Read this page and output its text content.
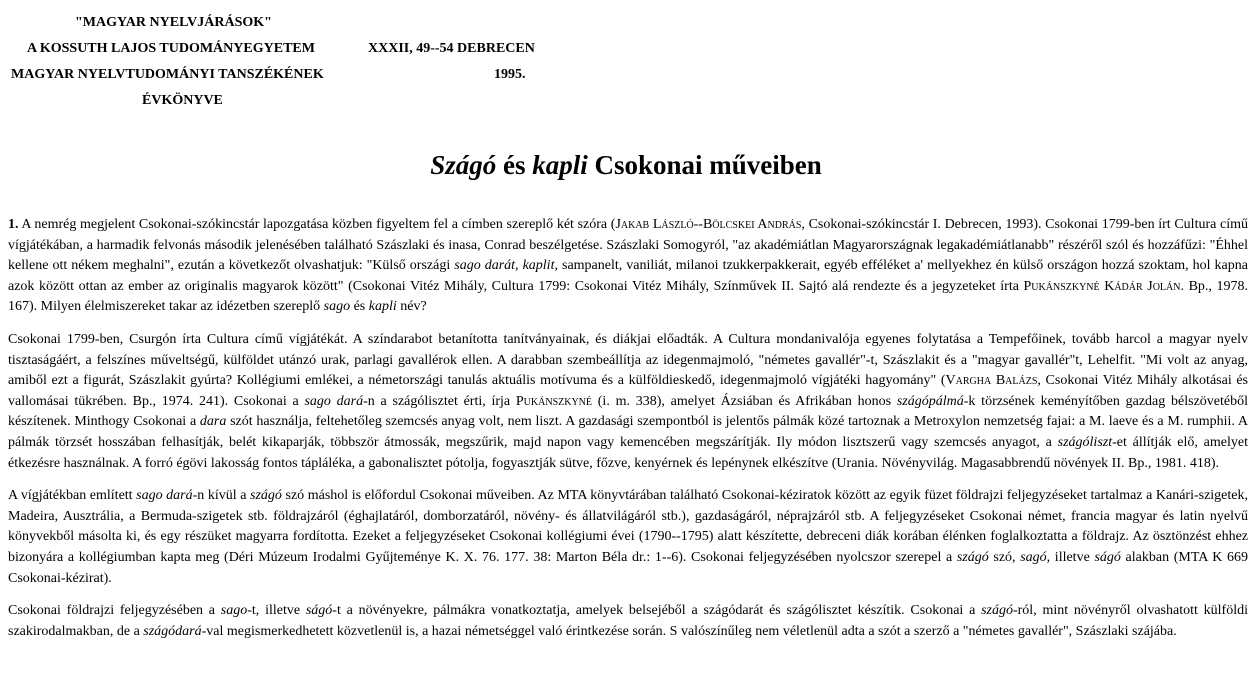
"MAGYAR NYELVJÁRÁSOK"
A KOSSUTH LAJOS TUDOMÁNYEGYETEM	XXXII, 49--54 DEBRECEN
MAGYAR NYELVTUDOMÁNYI TANSZÉKÉNEK	1995.
ÉVKÖNYVE
Szágó és kapli Csokonai műveiben

1. A nemrég megjelent Csokonai-szókincstár lapozgatása közben figyeltem fel a címben szereplő két szóra (Jakab László--Bölcskei András, Csokonai-szókincstár I. Debrecen, 1993). Csokonai 1799-ben írt Cultura című vígjátékában, a harmadik felvonás második jelenésében található Szászlaki és inasa, Conrad beszélgetése. Szászlaki Somogyról, "az akadémiátlan Magyarországnak legakadémiátlanabb" részéről szól és hozzáfűzi: "Éhhel kellene ott nékem meghalni", ezután a következőt olvashatjuk: "Külső országi sago darát, kaplit, sampanelt, vaniliát, milanoi tzukkerpakkerait, egyéb efféléket a' mellyekhez én külső országon hozzá szoktam, hol kapna azok között ottan az ember az originalis magyarok között" (Csokonai Vitéz Mihály, Cultura 1799: Csokonai Vitéz Mihály, Színművek II. Sajtó alá rendezte és a jegyzeteket írta Pukánszkyné Kádár Jolán. Bp., 1978. 167). Milyen élelmiszereket takar az idézetben szereplő sago és kapli név?

Csokonai 1799-ben, Csurgón írta Cultura című vígjátékát. A színdarabot betanította tanítványainak, és diákjai előadták. A Cultura mondanivalója egyenes folytatása a Tempefőinek, tovább harcol a magyar nyelv tisztaságáért, a felszínes műveltségű, külföldet utánzó urak, parlagi gavallérok ellen. A darabban szembeállítja az idegenmajmoló, "németes gavallér"-t, Szászlakit és a "magyar gavallér"t, Lehelfit. "Mi volt az anyag, amiből ezt a figurát, Szászlakit gyúrta? Kollégiumi emlékei, a németországi tanulás aktuális motívuma és a külföldieskedő, idegenmajmoló vígjátéki hagyomány" (Vargha Balázs, Csokonai Vitéz Mihály alkotásai és vallomásai tükrében. Bp., 1974. 241). Csokonai a sago dará-n a szágólisztet érti, írja Pukánszkyné (i. m. 338), amelyet Ázsiában és Afrikában honos szágópálmá-k törzsének keményítőben gazdag bélszövetéből készítenek. Minthogy Csokonai a dara szót használja, feltehetőleg szemcsés anyag volt, nem liszt. A gazdasági szempontból is jelentős pálmák közé tartoznak a Metroxylon nemzetség fajai: a M. laeve és a M. rumphii. A pálmák törzsét hosszában felhasítják, belét kikaparják, többször átmossák, megszűrik, majd napon vagy kemencében megszárítják. Ily módon lisztszerű vagy szemcsés anyagot, a szágóliszt-et állítják elő, amelyet étkezésre használnak. A forró égövi lakosság fontos tápláléka, a gabonalisztet pótolja, fogyasztják sütve, főzve, kenyérnek és lepénynek elkészítve (Urania. Növényvilág. Magasabbrendű növények II. Bp., 1981. 418).

A vígjátékban említett sago dará-n kívül a szágó szó máshol is előfordul Csokonai műveiben. Az MTA könyvtárában található Csokonai-kéziratok között az egyik füzet földrajzi feljegyzéseket tartalmaz a Kanári-szigetek, Madeira, Ausztrália, a Bermuda-szigetek stb. földrajzáról (éghajlatáról, domborzatáról, növény- és állatvilágáról stb.), gazdaságáról, néprajzáról stb. A feljegyzéseket Csokonai német, francia magyar és latin nyelvű könyvekből másolta ki, és egy részüket magyarra fordította. Ezeket a feljegyzéseket Csokonai kollégiumi évei (1790--1795) alatt készítette, debreceni diák korában élénken foglalkoztatta a földrajz. Az ösztönzést ehhez bizonyára a kollégiumban kapta meg (Déri Múzeum Irodalmi Gyűjteménye K. X. 76. 177. 38: Marton Béla dr.: 1--6). Csokonai feljegyzésében nyolcszor szerepel a szágó szó, sagó, illetve ságó alakban (MTA K 669 Csokonai-kézirat).

Csokonai földrajzi feljegyzésében a sago-t, illetve ságó-t a növényekre, pálmákra vonatkoztatja, amelyek belsejéből a szágódarát és szágólisztet készítik. Csokonai a szágó-ról, mint növényről olvashatott külföldi szakirodalmakban, de a szágódará-val megismerkedhetett közvetlenül is, a hazai németséggel való érintkezése során. S valószínűleg nem véletlenül adta a szót a szerző a "németes gavallér", Szászlaki szájába.
